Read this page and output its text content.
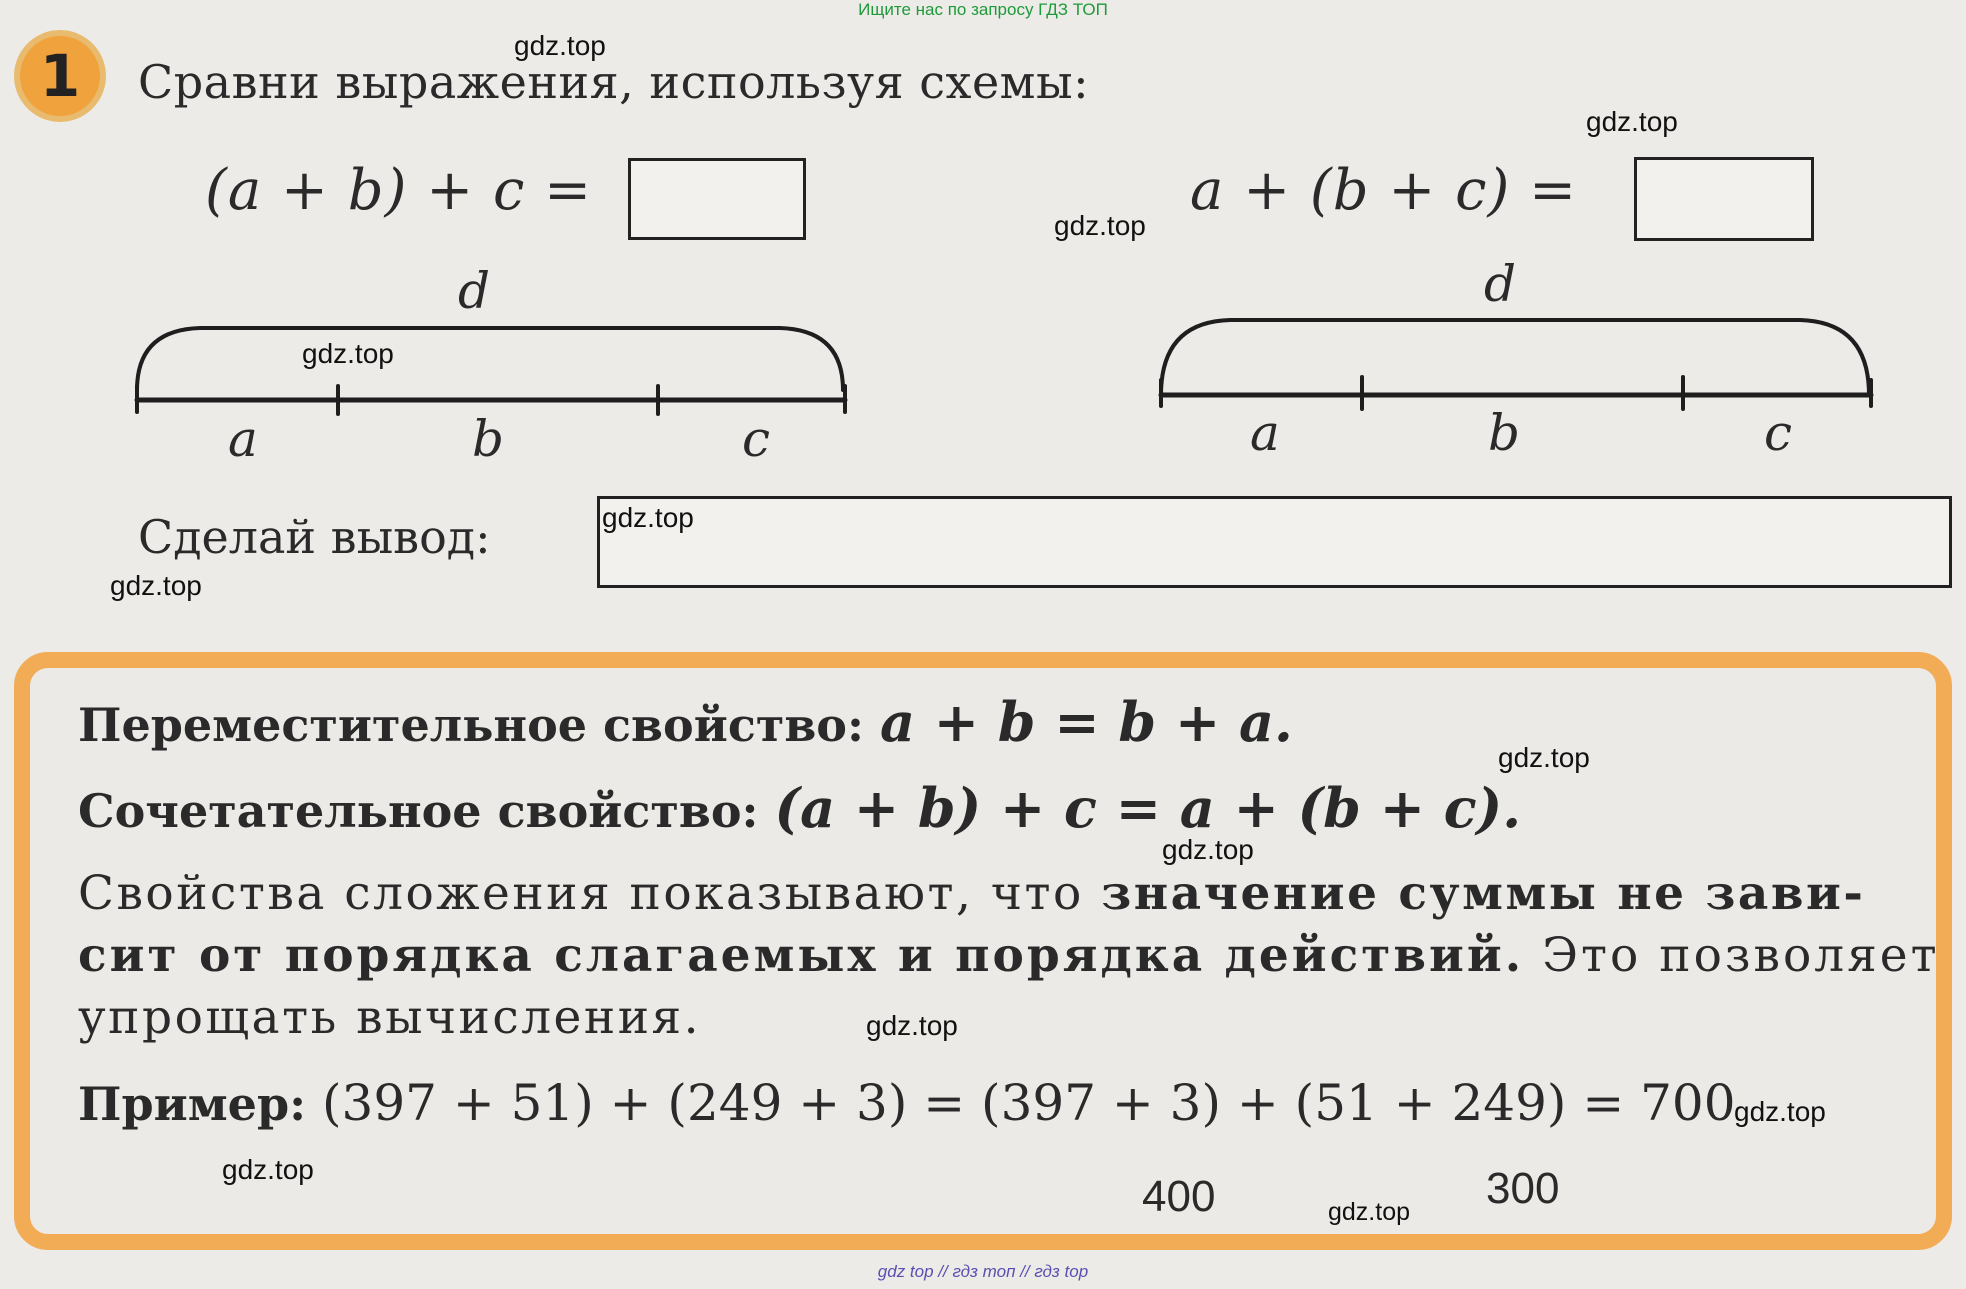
Ищите нас по запросу ГДЗ ТОП
1	Сравни выражения, используя схемы:
(a + b) + c =	a + (b + c) =
d
a	b	c
d
a	b	c
Сделай вывод:
Переместительное свойство: a + b = b + a.
Сочетательное свойство: (a + b) + c = a + (b + c).
Свойства сложения показывают, что значение суммы не зави-
сит от порядка слагаемых и порядка действий. Это позволяет
упрощать вычисления.
Пример: (397 + 51) + (249 + 3) = (397 + 3) + (51 + 249) = 700
400	300
gdz.top
gdz.top
gdz.top
gdz.top
gdz.top
gdz.top
gdz.top
gdz.top
gdz.top
gdz.top
gdz.top
gdz.top
gdz top // гдз топ // гдз top
